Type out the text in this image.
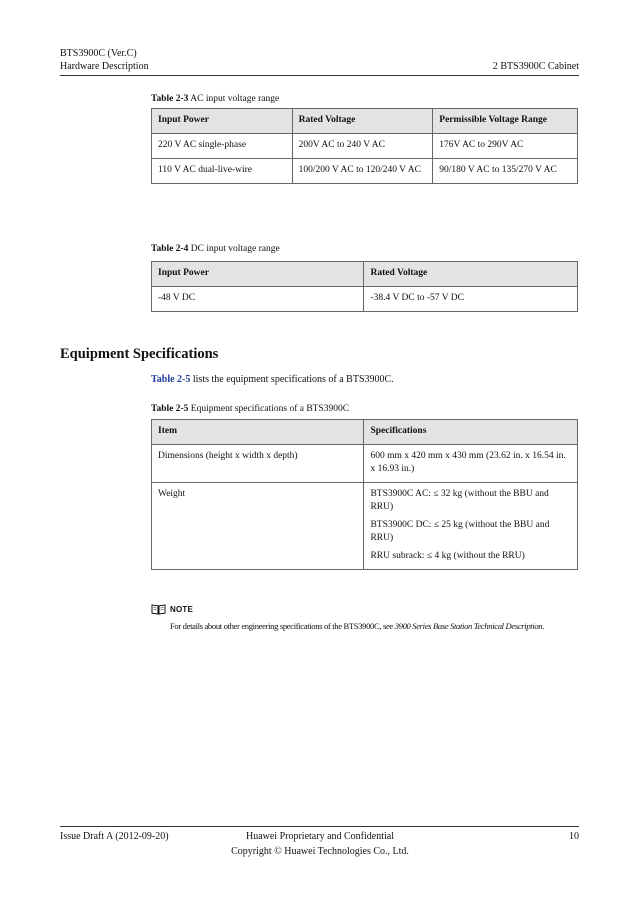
BTS3900C (Ver.C)
Hardware Description	2 BTS3900C Cabinet
Table 2-3 AC input voltage range
Input Power	Rated Voltage	Permissible Voltage Range
220 V AC single-phase	200V AC to 240 V AC	176V AC to 290V AC
110 V AC dual-live-wire	100/200 V AC to 120/240 V AC	90/180 V AC to 135/270 V AC
Table 2-4 DC input voltage range
Input Power	Rated Voltage
-48 V DC	-38.4 V DC to -57 V DC
Equipment Specifications
Table 2-5 lists the equipment specifications of a BTS3900C.
Table 2-5 Equipment specifications of a BTS3900C
Item	Specifications
Dimensions (height x width x depth)	600 mm x 420 mm x 430 mm (23.62 in. x 16.54 in. x 16.93 in.)
Weight	BTS3900C AC: ≤ 32 kg (without the BBU and RRU)

BTS3900C DC: ≤ 25 kg (without the BBU and RRU)

RRU subrack: ≤ 4 kg (without the RRU)

NOTE
For details about other engineering specifications of the BTS3900C, see 3900 Series Base Station Technical Description.
Issue Draft A (2012-09-20)	Huawei Proprietary and Confidential
Copyright © Huawei Technologies Co., Ltd.
10
